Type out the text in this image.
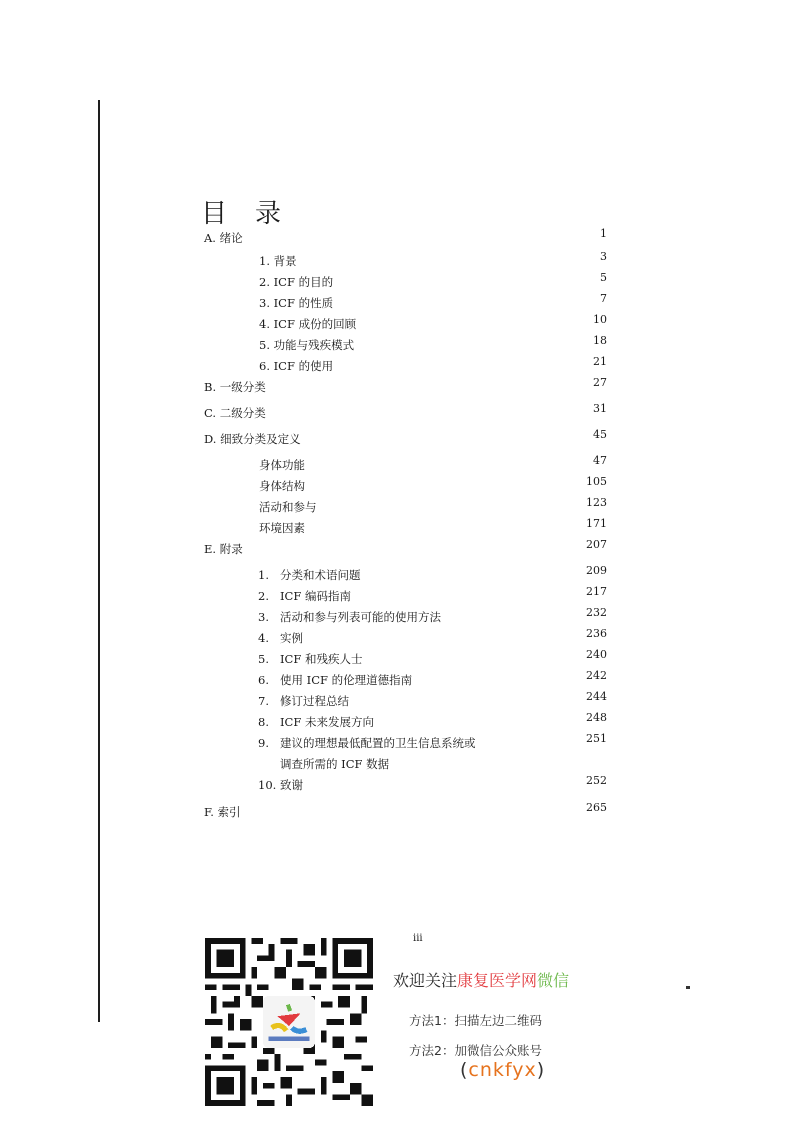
目 录
A. 绪论	1
1. 背景	3
2. ICF 的目的	5
3. ICF 的性质	7
4. ICF 成份的回顾	10
5. 功能与残疾模式	18
6. ICF 的使用	21
B. 一级分类	27
C. 二级分类	31
D. 细致分类及定义	45
身体功能	47
身体结构	105
活动和参与	123
环境因素	171
E. 附录	207
1. 分类和术语问题	209
2. ICF 编码指南	217
3. 活动和参与列表可能的使用方法	232
4. 实例	236
5. ICF 和残疾人士	240
6. 使用 ICF 的伦理道德指南	242
7. 修订过程总结	244
8. ICF 未来发展方向	248
9. 建议的理想最低配置的卫生信息系统或	251
调查所需的 ICF 数据
10. 致谢	252
F. 索引	265
iii
欢迎关注康复医学网微信
方法1：扫描左边二维码
方法2：加微信公众账号
(cnkfyx)
